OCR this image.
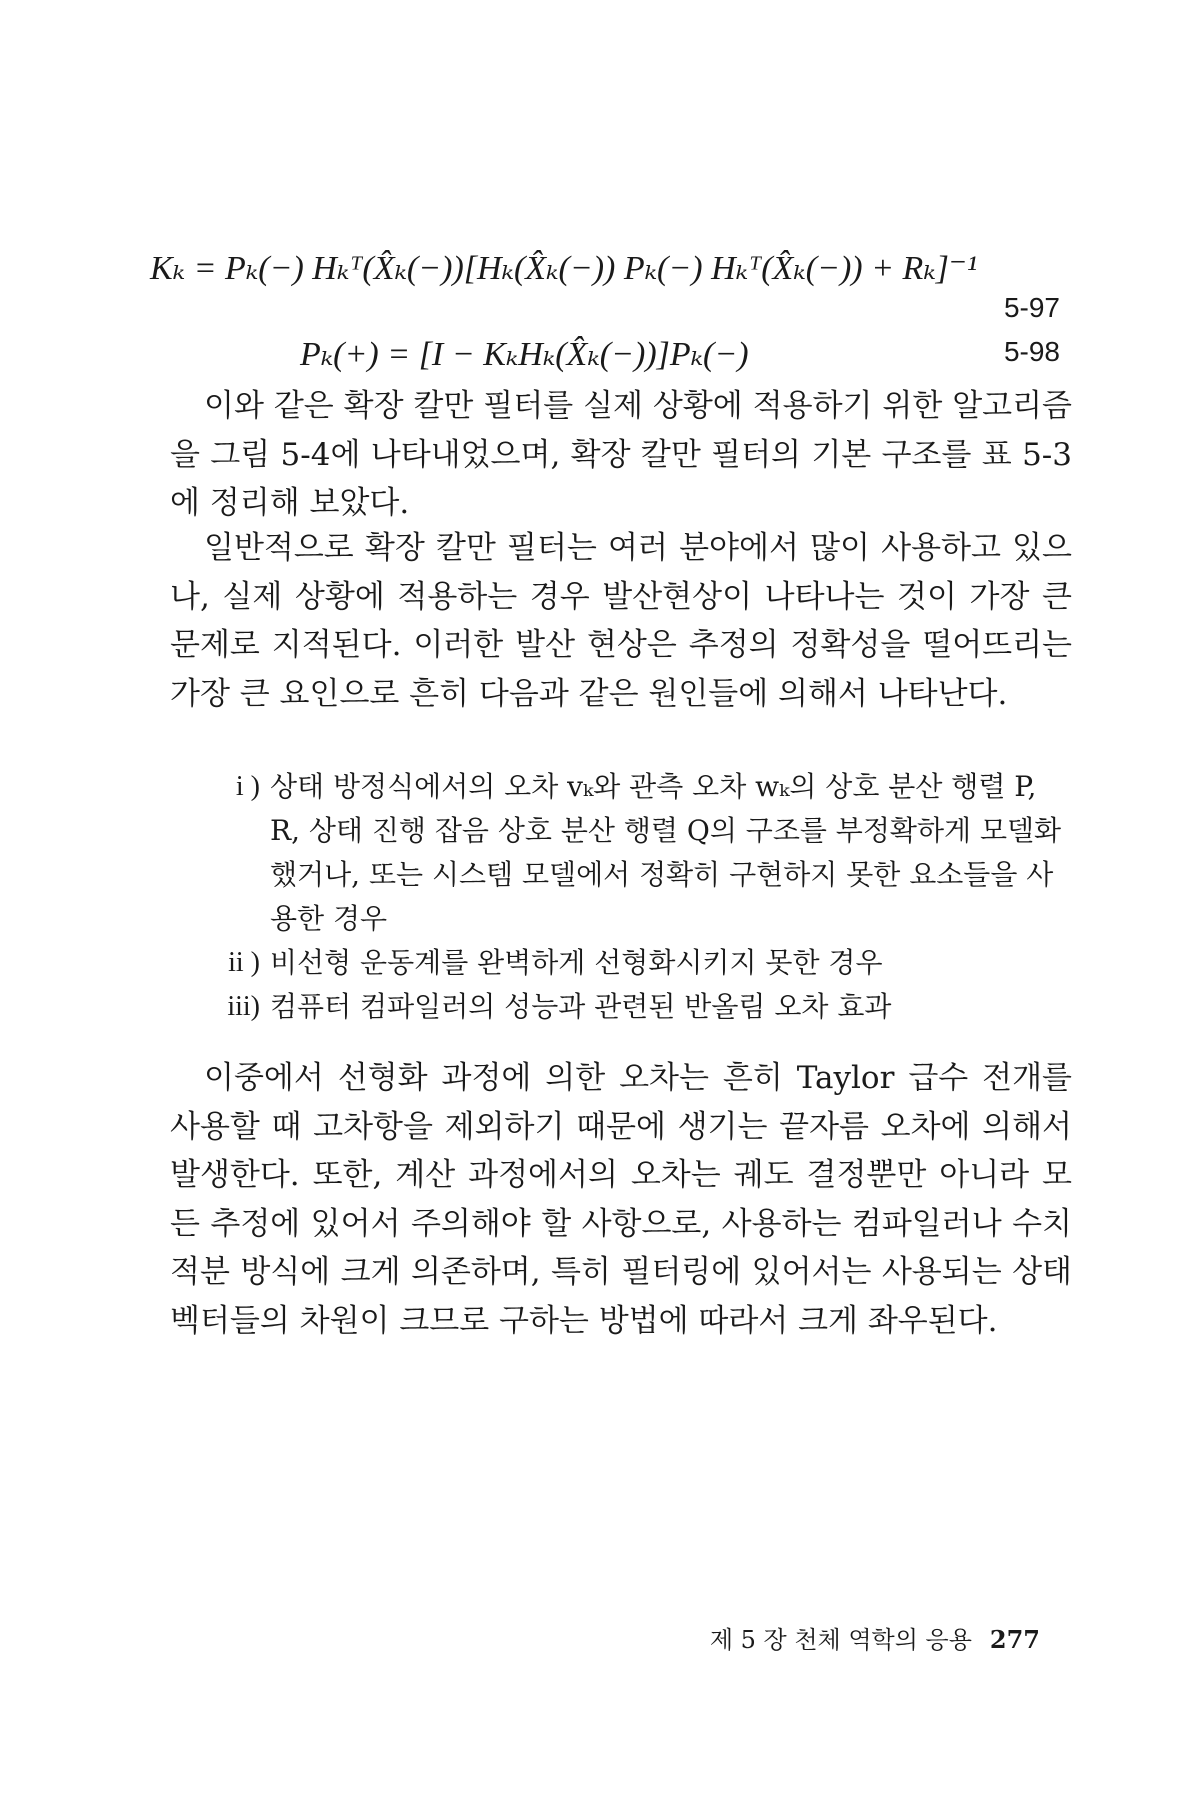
Kₖ = Pₖ(−) Hₖᵀ(X̂ₖ(−))[Hₖ(X̂ₖ(−)) Pₖ(−) Hₖᵀ(X̂ₖ(−)) + Rₖ]⁻¹
5-97
Pₖ(+) = [I − KₖHₖ(X̂ₖ(−))]Pₖ(−)	5-98

이와 같은 확장 칼만 필터를 실제 상황에 적용하기 위한 알고리즘을 그림 5-4에 나타내었으며, 확장 칼만 필터의 기본 구조를 표 5-3에 정리해 보았다.

일반적으로 확장 칼만 필터는 여러 분야에서 많이 사용하고 있으나, 실제 상황에 적용하는 경우 발산현상이 나타나는 것이 가장 큰 문제로 지적된다. 이러한 발산 현상은 추정의 정확성을 떨어뜨리는 가장 큰 요인으로 흔히 다음과 같은 원인들에 의해서 나타난다.

i ) 상태 방정식에서의 오차 vₖ와 관측 오차 wₖ의 상호 분산 행렬 P, R, 상태 진행 잡음 상호 분산 행렬 Q의 구조를 부정확하게 모델화했거나, 또는 시스템 모델에서 정확히 구현하지 못한 요소들을 사용한 경우
ii ) 비선형 운동계를 완벽하게 선형화시키지 못한 경우
iii) 컴퓨터 컴파일러의 성능과 관련된 반올림 오차 효과

이중에서 선형화 과정에 의한 오차는 흔히 Taylor 급수 전개를 사용할 때 고차항을 제외하기 때문에 생기는 끝자름 오차에 의해서 발생한다. 또한, 계산 과정에서의 오차는 궤도 결정뿐만 아니라 모든 추정에 있어서 주의해야 할 사항으로, 사용하는 컴파일러나 수치 적분 방식에 크게 의존하며, 특히 필터링에 있어서는 사용되는 상태 벡터들의 차원이 크므로 구하는 방법에 따라서 크게 좌우된다.

제 5 장 천체 역학의 응용 277
